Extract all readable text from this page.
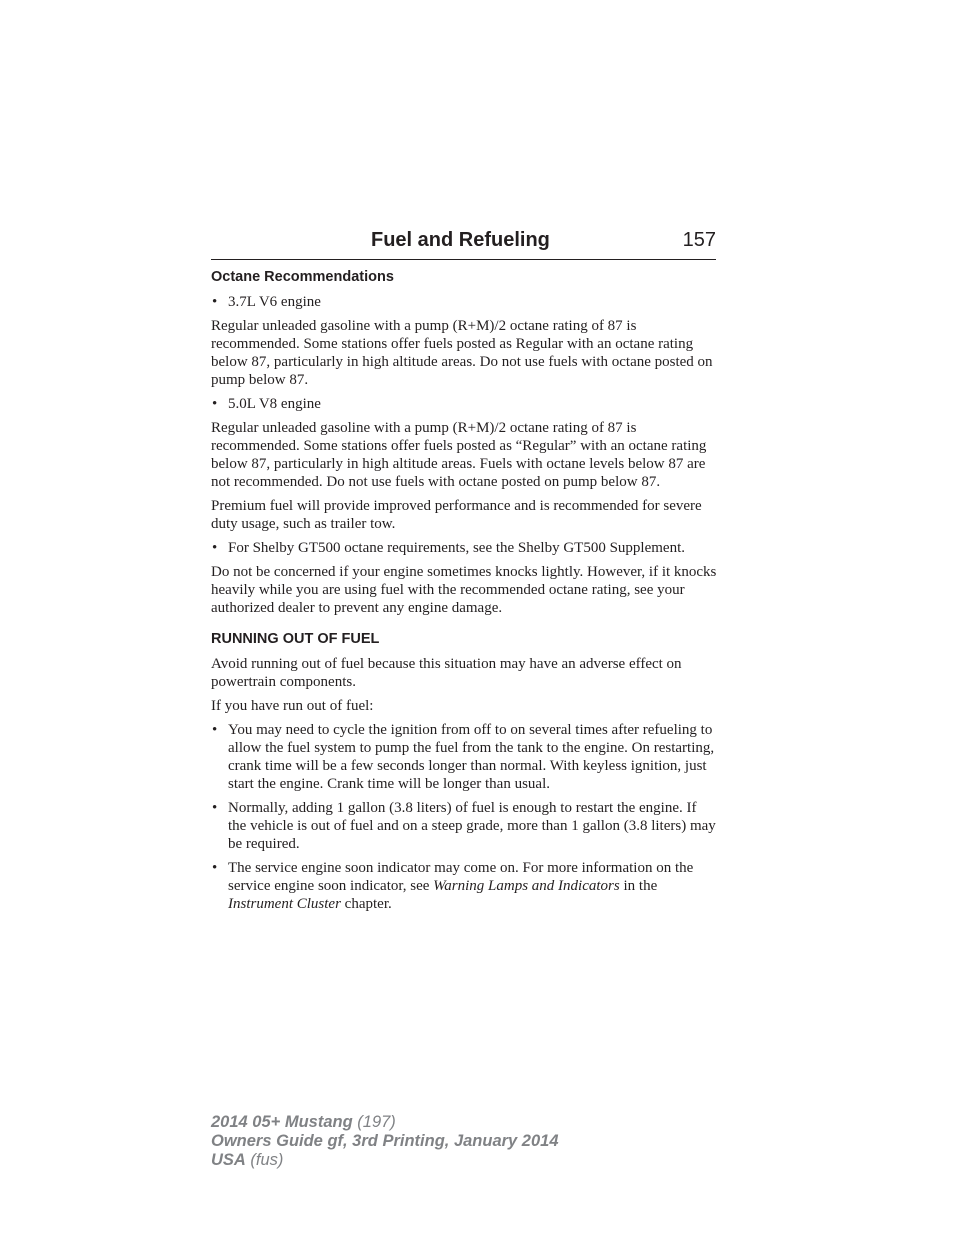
Fuel and Refueling	157
Octane Recommendations
• 3.7L V6 engine

Regular unleaded gasoline with a pump (R+M)/2 octane rating of 87 is recommended. Some stations offer fuels posted as Regular with an octane rating below 87, particularly in high altitude areas. Do not use fuels with octane posted on pump below 87.

• 5.0L V8 engine

Regular unleaded gasoline with a pump (R+M)/2 octane rating of 87 is recommended. Some stations offer fuels posted as “Regular” with an octane rating below 87, particularly in high altitude areas. Fuels with octane levels below 87 are not recommended. Do not use fuels with octane posted on pump below 87.

Premium fuel will provide improved performance and is recommended for severe duty usage, such as trailer tow.

• For Shelby GT500 octane requirements, see the Shelby GT500 Supplement.

Do not be concerned if your engine sometimes knocks lightly. However, if it knocks heavily while you are using fuel with the recommended octane rating, see your authorized dealer to prevent any engine damage.

RUNNING OUT OF FUEL

Avoid running out of fuel because this situation may have an adverse effect on powertrain components.

If you have run out of fuel:

• You may need to cycle the ignition from off to on several times after refueling to allow the fuel system to pump the fuel from the tank to the engine. On restarting, crank time will be a few seconds longer than normal. With keyless ignition, just start the engine. Crank time will be longer than usual.
• Normally, adding 1 gallon (3.8 liters) of fuel is enough to restart the engine. If the vehicle is out of fuel and on a steep grade, more than 1 gallon (3.8 liters) may be required.
• The service engine soon indicator may come on. For more information on the service engine soon indicator, see Warning Lamps and Indicators in the Instrument Cluster chapter.
2014 05+ Mustang (197)
Owners Guide gf, 3rd Printing, January 2014
USA (fus)
